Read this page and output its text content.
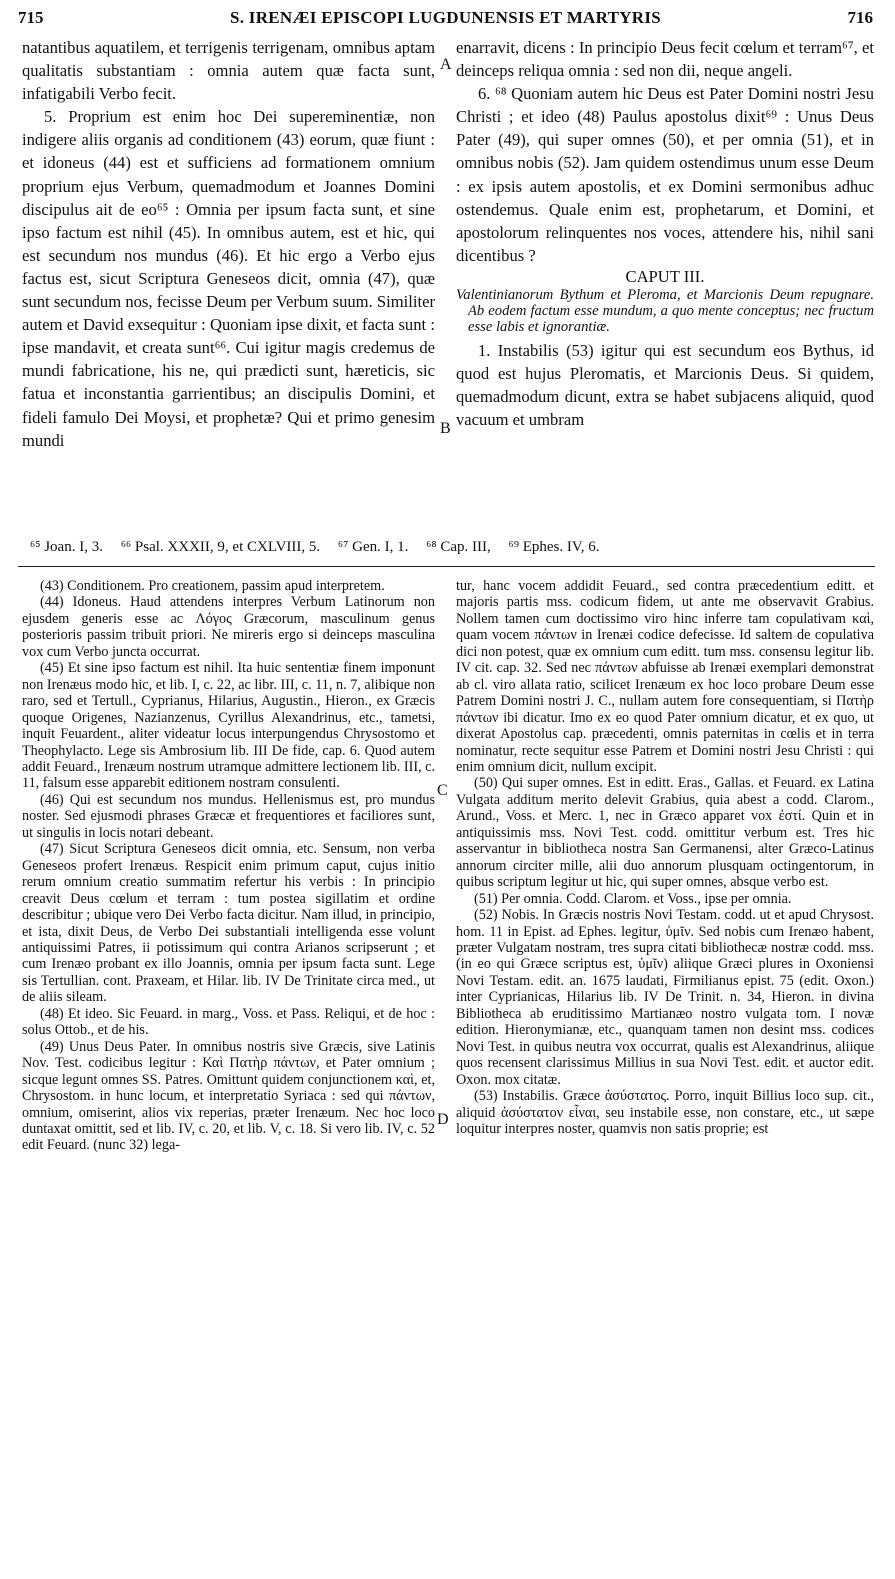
715	S. IRENÆI EPISCOPI LUGDUNENSIS ET MARTYRIS	716

natantibus aquatilem, et terrigenis terrigenam, omnibus aptam qualitatis substantiam : omnia autem quæ facta sunt, infatigabili Verbo fecit.

5. Proprium est enim hoc Dei supereminentiæ, non indigere aliis organis ad conditionem (43) eorum, quæ fiunt : et idoneus (44) est et sufficiens ad formationem omnium proprium ejus Verbum, quemadmodum et Joannes Domini discipulus ait de eo⁶⁵ : Omnia per ipsum facta sunt, et sine ipso factum est nihil (45). In omnibus autem, est et hic, qui est secundum nos mundus (46). Et hic ergo a Verbo ejus factus est, sicut Scriptura Geneseos dicit, omnia (47), quæ sunt secundum nos, fecisse Deum per Verbum suum. Similiter autem et David exsequitur : Quoniam ipse dixit, et facta sunt : ipse mandavit, et creata sunt⁶⁶. Cui igitur magis credemus de mundi fabricatione, his ne, qui prædicti sunt, hæreticis, sic fatua et inconstantia garrientibus; an discipulis Domini, et fideli famulo Dei Moysi, et prophetæ? Qui et primo genesim mundi

enarravit, dicens : In principio Deus fecit cœlum et terram⁶⁷, et deinceps reliqua omnia : sed non dii, neque angeli.

6. ⁶⁸ Quoniam autem hic Deus est Pater Domini nostri Jesu Christi ; et ideo (48) Paulus apostolus dixit⁶⁹ : Unus Deus Pater (49), qui super omnes (50), et per omnia (51), et in omnibus nobis (52). Jam quidem ostendimus unum esse Deum : ex ipsis autem apostolis, et ex Domini sermonibus adhuc ostendemus. Quale enim est, prophetarum, et Domini, et apostolorum relinquentes nos voces, attendere his, nihil sani dicentibus ?

CAPUT III.

Valentinianorum Bythum et Pleroma, et Marcionis Deum repugnare. Ab eodem factum esse mundum, a quo mente conceptus; nec fructum esse labis et ignorantiæ.

1. Instabilis (53) igitur qui est secundum eos Bythus, id quod est hujus Pleromatis, et Marcionis Deus. Si quidem, quemadmodum dicunt, extra se habet subjacens aliquid, quod vacuum et umbram

A
B
C
D
⁶⁵ Joan. I, 3. ⁶⁶ Psal. XXXII, 9, et CXLVIII, 5. ⁶⁷ Gen. I, 1. ⁶⁸ Cap. III, ⁶⁹ Ephes. IV, 6.

(43) Conditionem. Pro creationem, passim apud interpretem.

(44) Idoneus. Haud attendens interpres Verbum Latinorum non ejusdem generis esse ac Λόγος Græcorum, masculinum genus posterioris passim tribuit priori. Ne mireris ergo si deinceps masculina vox cum Verbo juncta occurrat.

(45) Et sine ipso factum est nihil. Ita huic sententiæ finem imponunt non Irenæus modo hic, et lib. I, c. 22, ac libr. III, c. 11, n. 7, alibique non raro, sed et Tertull., Cyprianus, Hilarius, Augustin., Hieron., ex Græcis quoque Origenes, Nazianzenus, Cyrillus Alexandrinus, etc., tametsi, inquit Feuardent., aliter videatur locus interpungendus Chrysostomo et Theophylacto. Lege sis Ambrosium lib. III De fide, cap. 6. Quod autem addit Feuard., Irenæum nostrum utramque admittere lectionem lib. III, c. 11, falsum esse apparebit editionem nostram consulenti.

(46) Qui est secundum nos mundus. Hellenismus est, pro mundus noster. Sed ejusmodi phrases Græcæ et frequentiores et faciliores sunt, ut singulis in locis notari debeant.

(47) Sicut Scriptura Geneseos dicit omnia, etc. Sensum, non verba Geneseos profert Irenæus. Respicit enim primum caput, cujus initio rerum omnium creatio summatim refertur his verbis : In principio creavit Deus cœlum et terram : tum postea sigillatim et ordine describitur ; ubique vero Dei Verbo facta dicitur. Nam illud, in principio, et ista, dixit Deus, de Verbo Dei substantiali intelligenda esse volunt antiquissimi Patres, ii potissimum qui contra Arianos scripserunt ; et cum Irenæo probant ex illo Joannis, omnia per ipsum facta sunt. Lege sis Tertullian. cont. Praxeam, et Hilar. lib. IV De Trinitate circa med., ut de aliis sileam.

(48) Et ideo. Sic Feuard. in marg., Voss. et Pass. Reliqui, et de hoc : solus Ottob., et de his.

(49) Unus Deus Pater. In omnibus nostris sive Græcis, sive Latinis Nov. Test. codicibus legitur : Καὶ Πατὴρ πάντων, et Pater omnium ; sicque legunt omnes SS. Patres. Omittunt quidem conjunctionem καὶ, et, Chrysostom. in hunc locum, et interpretatio Syriaca : sed qui πάντων, omnium, omiserint, alios vix reperias, præter Irenæum. Nec hoc loco duntaxat omittit, sed et lib. IV, c. 20, et lib. V, c. 18. Si vero lib. IV, c. 52 edit Feuard. (nunc 32) lega-

tur, hanc vocem addidit Feuard., sed contra præcedentium editt. et majoris partis mss. codicum fidem, ut ante me observavit Grabius. Nollem tamen cum doctissimo viro hinc inferre tam copulativam καὶ, quam vocem πάντων in Irenæi codice defecisse. Id saltem de copulativa dici non potest, quæ ex omnium cum editt. tum mss. consensu legitur lib. IV cit. cap. 32. Sed nec πάντων abfuisse ab Irenæi exemplari demonstrat ab cl. viro allata ratio, scilicet Irenæum ex hoc loco probare Deum esse Patrem Domini nostri J. C., nullam autem fore consequentiam, si Πατὴρ πάντων ibi dicatur. Imo ex eo quod Pater omnium dicatur, et ex quo, ut dixerat Apostolus cap. præcedenti, omnis paternitas in cœlis et in terra nominatur, recte sequitur esse Patrem et Domini nostri Jesu Christi : qui enim omnium dicit, nullum excipit.

(50) Qui super omnes. Est in editt. Eras., Gallas. et Feuard. ex Latina Vulgata additum merito delevit Grabius, quia abest a codd. Clarom., Arund., Voss. et Merc. 1, nec in Græco apparet vox ἐστί. Quin et in antiquissimis mss. Novi Test. codd. omittitur verbum est. Tres hic asservantur in bibliotheca nostra San Germanensi, alter Græco-Latinus annorum circiter mille, alii duo annorum plusquam octingentorum, in quibus scriptum legitur ut hic, qui super omnes, absque verbo est.

(51) Per omnia. Codd. Clarom. et Voss., ipse per omnia.

(52) Nobis. In Græcis nostris Novi Testam. codd. ut et apud Chrysost. hom. 11 in Epist. ad Ephes. legitur, ὑμῖν. Sed nobis cum Irenæo habent, præter Vulgatam nostram, tres supra citati bibliothecæ nostræ codd. mss. (in eo qui Græce scriptus est, ὑμῖν) aliique Græci plures in Oxoniensi Novi Testam. edit. an. 1675 laudati, Firmilianus epist. 75 (edit. Oxon.) inter Cyprianicas, Hilarius lib. IV De Trinit. n. 34, Hieron. in divina Bibliotheca ab eruditissimo Martianæo nostro vulgata tom. I novæ edition. Hieronymianæ, etc., quanquam tamen non desint mss. codices Novi Test. in quibus neutra vox occurrat, qualis est Alexandrinus, aliique quos recensent clarissimus Millius in sua Novi Test. edit. et auctor edit. Oxon. mox citatæ.

(53) Instabilis. Græce ἀσύστατος. Porro, inquit Billius loco sup. cit., aliquid ἀσύστατον εἶναι, seu instabile esse, non constare, etc., ut sæpe loquitur interpres noster, quamvis non satis proprie; est
